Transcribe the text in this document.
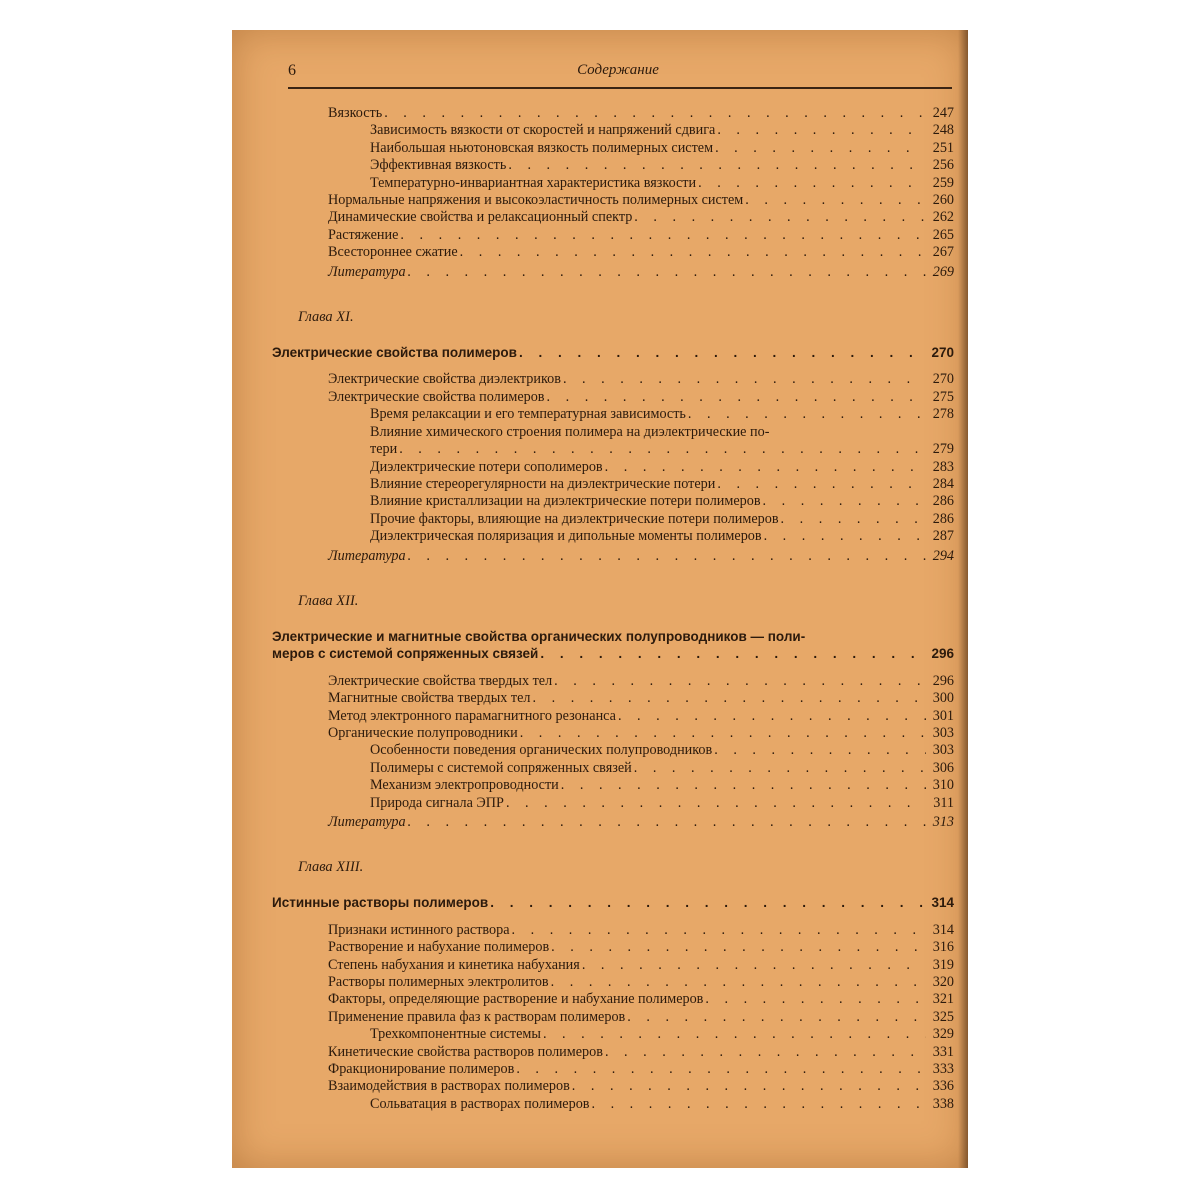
6	Содержание
Вязкость . . .	247
Зависимость вязкости от скоростей и напряжений сдвига . . .	248
Наибольшая ньютоновская вязкость полимерных систем . . .	251
Эффективная вязкость . . .	256
Температурно-инвариантная характеристика вязкости . . .	259
Нормальные напряжения и высокоэластичность полимерных систем . . .	260
Динамические свойства и релаксационный спектр . . .	262
Растяжение . . .	265
Всестороннее сжатие . . .	267
Литература . . .	269
Глава XI.
Электрические свойства полимеров . . .	270
Электрические свойства диэлектриков . . .	270
Электрические свойства полимеров . . .	275
Время релаксации и его температурная зависимость . . .	278
Влияние химического строения полимера на диэлектрические по-
тери . . .	279
Диэлектрические потери сополимеров . . .	283
Влияние стереорегулярности на диэлектрические потери . . .	284
Влияние кристаллизации на диэлектрические потери полимеров . . .	286
Прочие факторы, влияющие на диэлектрические потери полимеров . . .	286
Диэлектрическая поляризация и дипольные моменты полимеров . . .	287
Литература . . .	294
Глава XII.
Электрические и магнитные свойства органических полупроводников — поли-
меров с системой сопряженных связей . . .	296
Электрические свойства твердых тел . . .	296
Магнитные свойства твердых тел . . .	300
Метод электронного парамагнитного резонанса . . .	301
Органические полупроводники . . .	303
Особенности поведения органических полупроводников . . .	303
Полимеры с системой сопряженных связей . . .	306
Механизм электропроводности . . .	310
Природа сигнала ЭПР . . .	311
Литература . . .	313
Глава XIII.
Истинные растворы полимеров . . .	314
Признаки истинного раствора . . .	314
Растворение и набухание полимеров . . .	316
Степень набухания и кинетика набухания . . .	319
Растворы полимерных электролитов . . .	320
Факторы, определяющие растворение и набухание полимеров . . .	321
Применение правила фаз к растворам полимеров . . .	325
Трехкомпонентные системы . . .	329
Кинетические свойства растворов полимеров . . .	331
Фракционирование полимеров . . .	333
Взаимодействия в растворах полимеров . . .	336
Сольватация в растворах полимеров . . .	338
